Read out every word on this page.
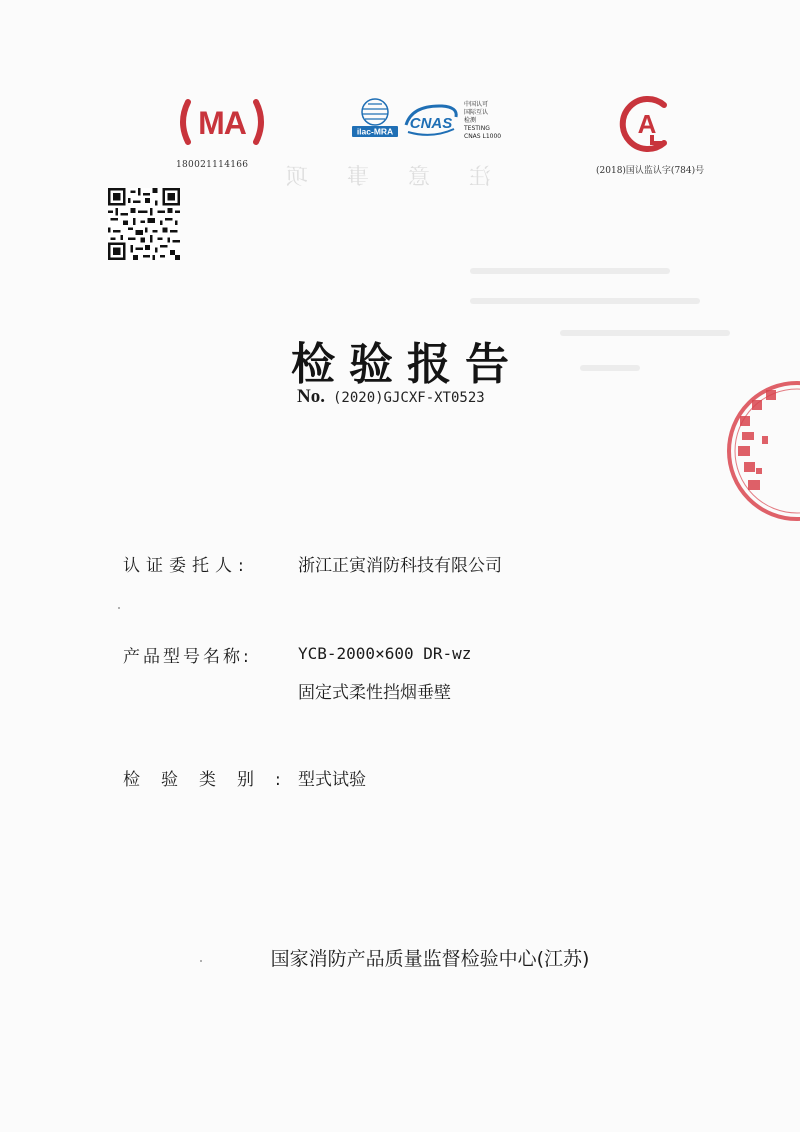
注 意 事 项
MA
180021114166
ilac-MRA CNAS
中国认可
国际互认
检测
TESTING
CNAS L1000	A
(2018)国认监认字(784)号
检验报告
No. (2020)GJCXF-XT0523
认证委托人:	浙江正寅消防科技有限公司
产品型号名称:	YCB-2000×600 DR-wz
固定式柔性挡烟垂壁
检 验 类 别 : 型式试验
国家消防产品质量监督检验中心(江苏)
